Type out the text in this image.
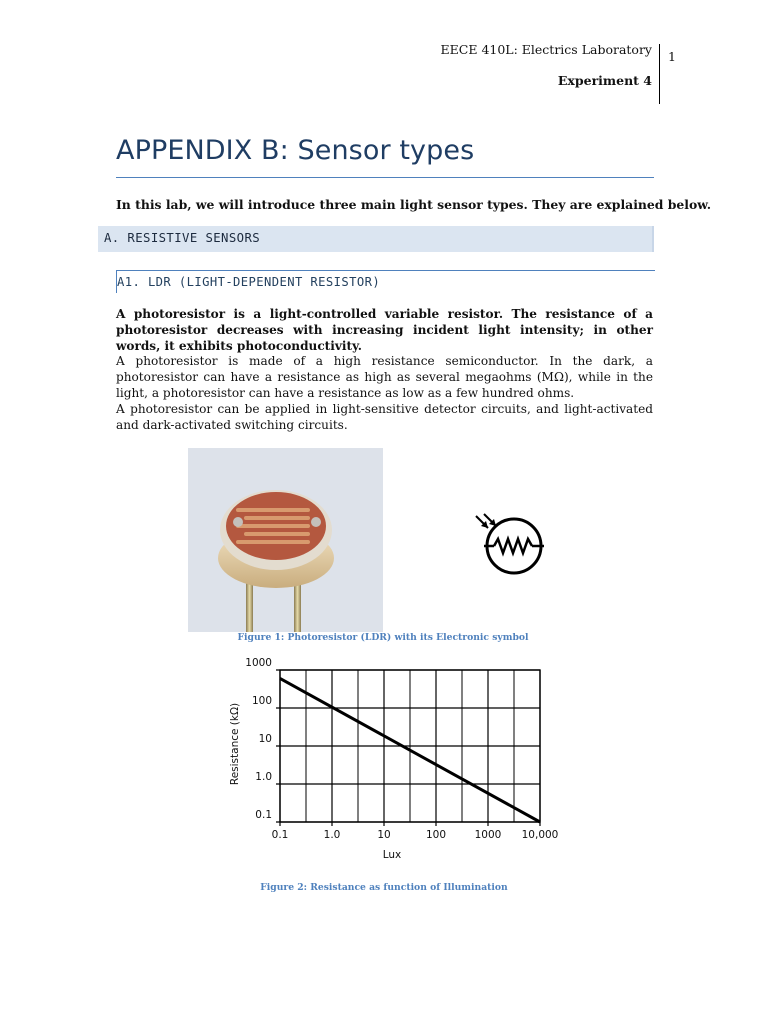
EECE 410L: Electrics Laboratory
Experiment 4
1
APPENDIX B: Sensor types
In this lab, we will introduce three main light sensor types. They are explained below.
A. RESISTIVE SENSORS
A1. LDR (LIGHT-DEPENDENT RESISTOR)

A photoresistor is a light-controlled variable resistor. The resistance of a photoresistor decreases with increasing incident light intensity; in other words, it exhibits photoconductivity.

A photoresistor is made of a high resistance semiconductor. In the dark, a photoresistor can have a resistance as high as several megaohms (MΩ), while in the light, a photoresistor can have a resistance as low as a few hundred ohms.

A photoresistor can be applied in light-sensitive detector circuits, and light-activated and dark-activated switching circuits.

Figure 1: Photoresistor (LDR) with its Electronic symbol
0.1	1.0	10	100	1000 10,000
0.1
1.0
10
100
1000
Lux
Resistance (kΩ)
Figure 2: Resistance as function of Illumination
